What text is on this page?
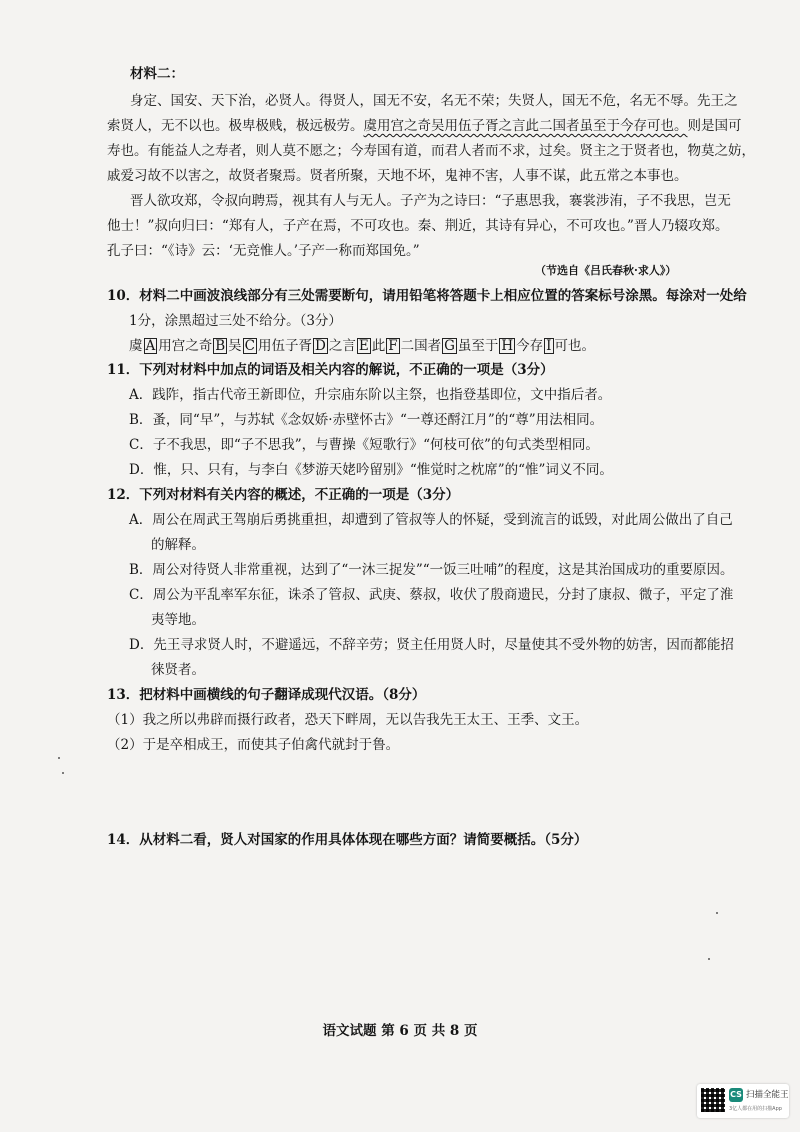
材料二：
身定、国安、天下治，必贤人。得贤人，国无不安，名无不荣；失贤人，国无不危，名无不辱。先王之
索贤人，无不以也。极卑极贱，极远极劳。虞用宫之奇吴用伍子胥之言此二国者虽至于今存可也。则是国可
寿也。有能益人之寿者，则人莫不愿之；今寿国有道，而君人者而不求，过矣。贤主之于贤者也，物莫之妨，
戚爱习故不以害之，故贤者聚焉。贤者所聚，天地不坏，鬼神不害，人事不谋，此五常之本事也。
晋人欲攻郑，令叔向聘焉，视其有人与无人。子产为之诗曰：“子惠思我，褰裳涉洧，子不我思，岂无
他士！”叔向归曰：“郑有人，子产在焉，不可攻也。秦、荆近，其诗有异心，不可攻也。”晋人乃辍攻郑。
孔子曰：“《诗》云：‘无竞惟人。’子产一称而郑国免。”
（节选自《吕氏春秋·求人》）
10．材料二中画波浪线部分有三处需要断句，请用铅笔将答题卡上相应位置的答案标号涂黑。每涂对一处给
1分，涂黑超过三处不给分。（3分）
虞 A 用宫之奇 B 吴 C 用伍子胥 D 之言 E 此 F 二国者 G 虽至于 H 今存 I 可也。
11．下列对材料中加点的词语及相关内容的解说，不正确的一项是（3分）
A．践阼，指古代帝王新即位，升宗庙东阶以主祭，也指登基即位，文中指后者。
B．蚤，同“早”，与苏轼《念奴娇·赤壁怀古》“一尊还酹江月”的“尊”用法相同。
C．子不我思，即“子不思我”，与曹操《短歌行》“何枝可依”的句式类型相同。
D．惟，只、只有，与李白《梦游天姥吟留别》“惟觉时之枕席”的“惟”词义不同。
12．下列对材料有关内容的概述，不正确的一项是（3分）
A．周公在周武王驾崩后勇挑重担，却遭到了管叔等人的怀疑，受到流言的诋毁，对此周公做出了自己
的解释。
B．周公对待贤人非常重视，达到了“一沐三捉发”“一饭三吐哺”的程度，这是其治国成功的重要原因。
C．周公为平乱率军东征，诛杀了管叔、武庚、蔡叔，收伏了殷商遗民，分封了康叔、微子，平定了淮
夷等地。
D．先王寻求贤人时，不避遥远，不辞辛劳；贤主任用贤人时，尽量使其不受外物的妨害，因而都能招
徕贤者。
13．把材料中画横线的句子翻译成现代汉语。（8分）
（1）我之所以弗辟而摄行政者，恐天下畔周，无以告我先王太王、王季、文王。
（2）于是卒相成王，而使其子伯禽代就封于鲁。
14．从材料二看，贤人对国家的作用具体体现在哪些方面？请简要概括。（5分）
语文试题 第 6 页 共 8 页
CS 扫描全能王
3亿人都在用的扫描App
